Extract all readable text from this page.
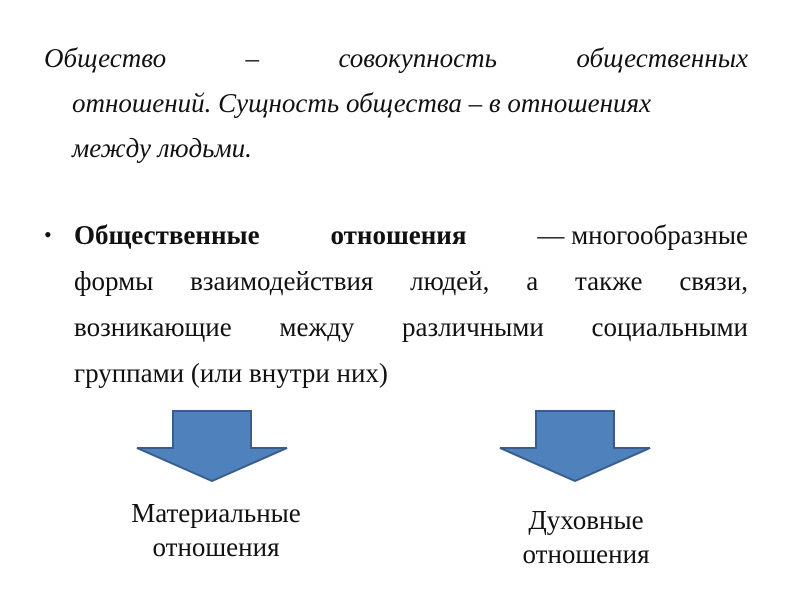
Общество	–	совокупность	общественных
отношений. Сущность общества – в отношениях
между людьми.
• Общественные	отношения	— многообразные
формы взаимодействия людей, а также связи,
возникающие между различными социальными
группами (или внутри них)
Материальные
отношения
Духовные
отношения
